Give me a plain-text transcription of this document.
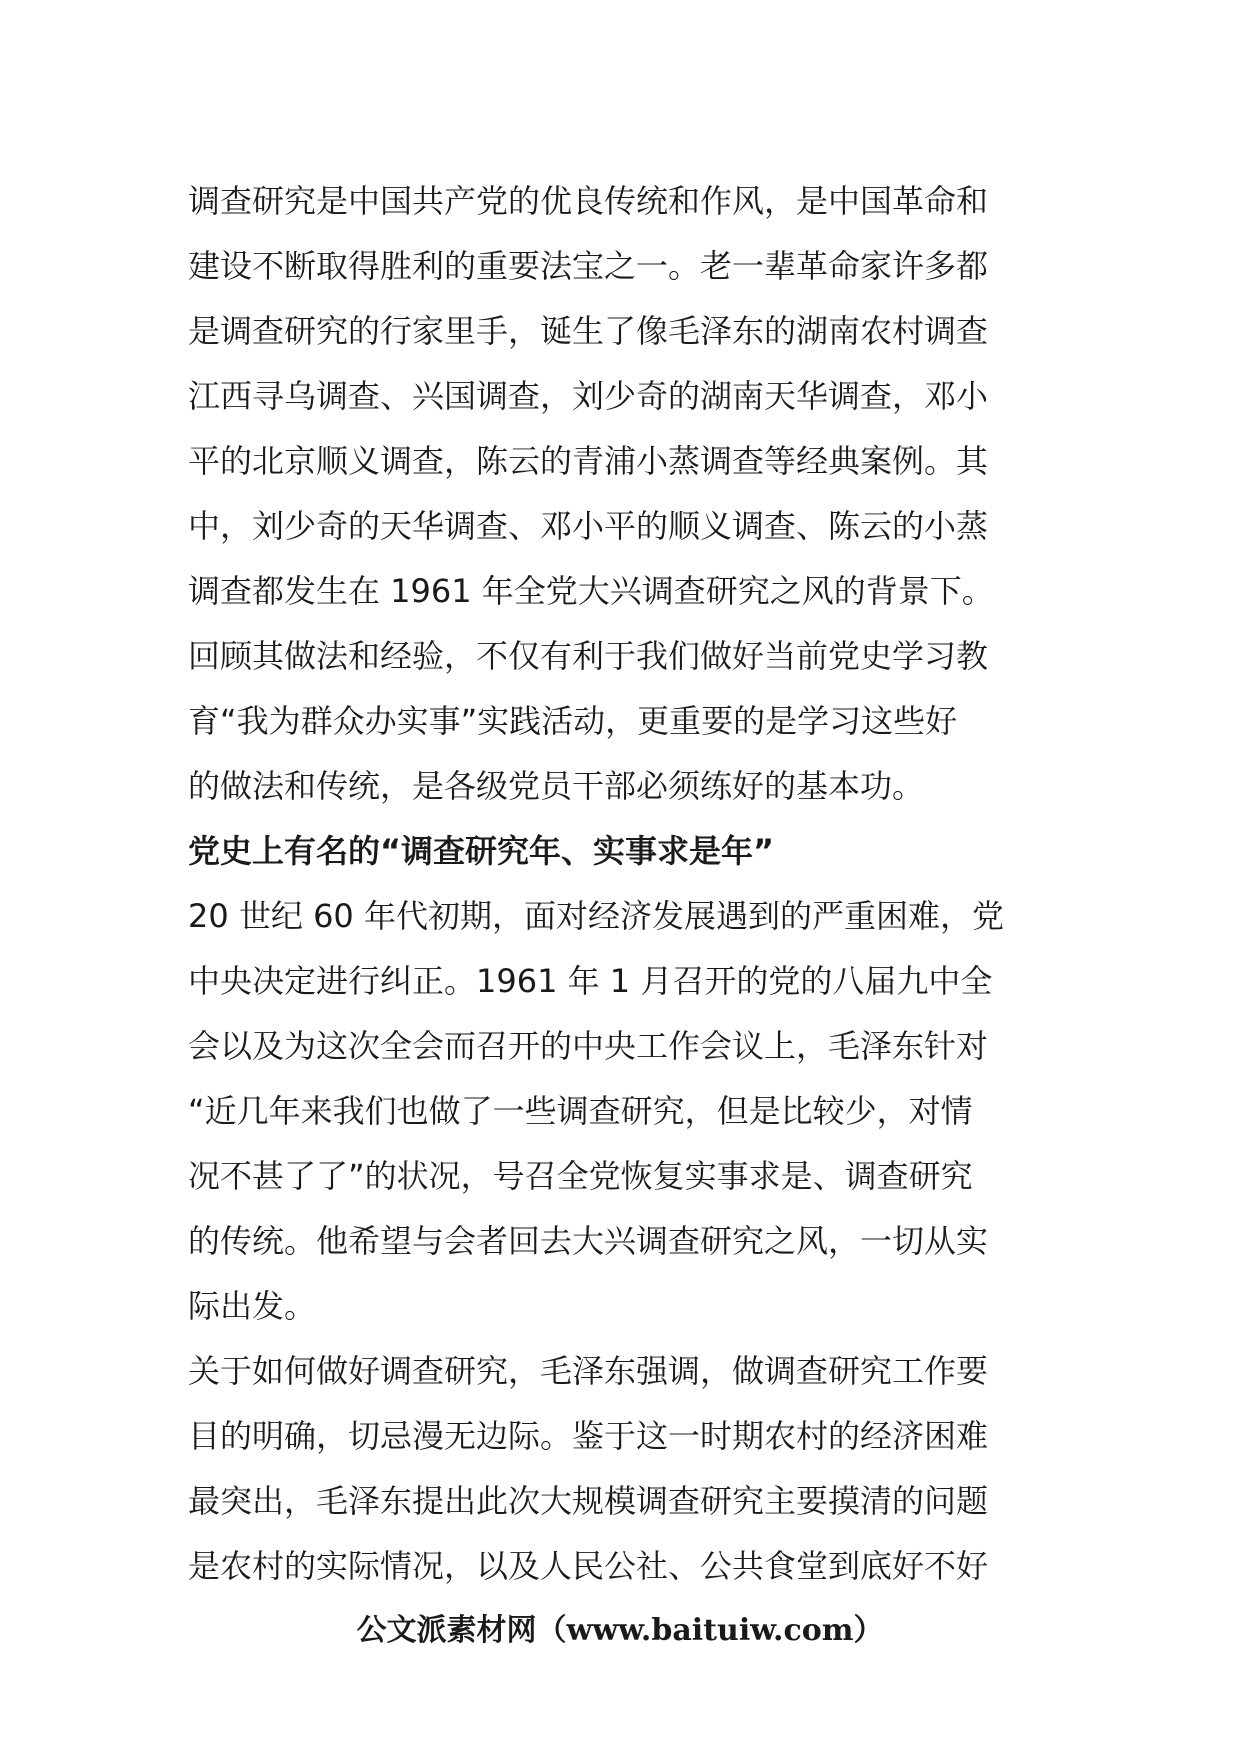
调查研究是中国共产党的优良传统和作风，是中国革命和
建设不断取得胜利的重要法宝之一。老一辈革命家许多都
是调查研究的行家里手，诞生了像毛泽东的湖南农村调查
江西寻乌调查、兴国调查，刘少奇的湖南天华调查，邓小
平的北京顺义调查，陈云的青浦小蒸调查等经典案例。其
中，刘少奇的天华调查、邓小平的顺义调查、陈云的小蒸
调查都发生在 1961 年全党大兴调查研究之风的背景下。
回顾其做法和经验，不仅有利于我们做好当前党史学习教
育“我为群众办实事”实践活动，更重要的是学习这些好
的做法和传统，是各级党员干部必须练好的基本功。
党史上有名的“调查研究年、实事求是年”
20 世纪 60 年代初期，面对经济发展遇到的严重困难，党
中央决定进行纠正。1961 年 1 月召开的党的八届九中全
会以及为这次全会而召开的中央工作会议上，毛泽东针对
“近几年来我们也做了一些调查研究，但是比较少，对情
况不甚了了”的状况，号召全党恢复实事求是、调查研究
的传统。他希望与会者回去大兴调查研究之风，一切从实
际出发。
关于如何做好调查研究，毛泽东强调，做调查研究工作要
目的明确，切忌漫无边际。鉴于这一时期农村的经济困难
最突出，毛泽东提出此次大规模调查研究主要摸清的问题
是农村的实际情况，以及人民公社、公共食堂到底好不好
公文派素材网（www.baituiw.com）
